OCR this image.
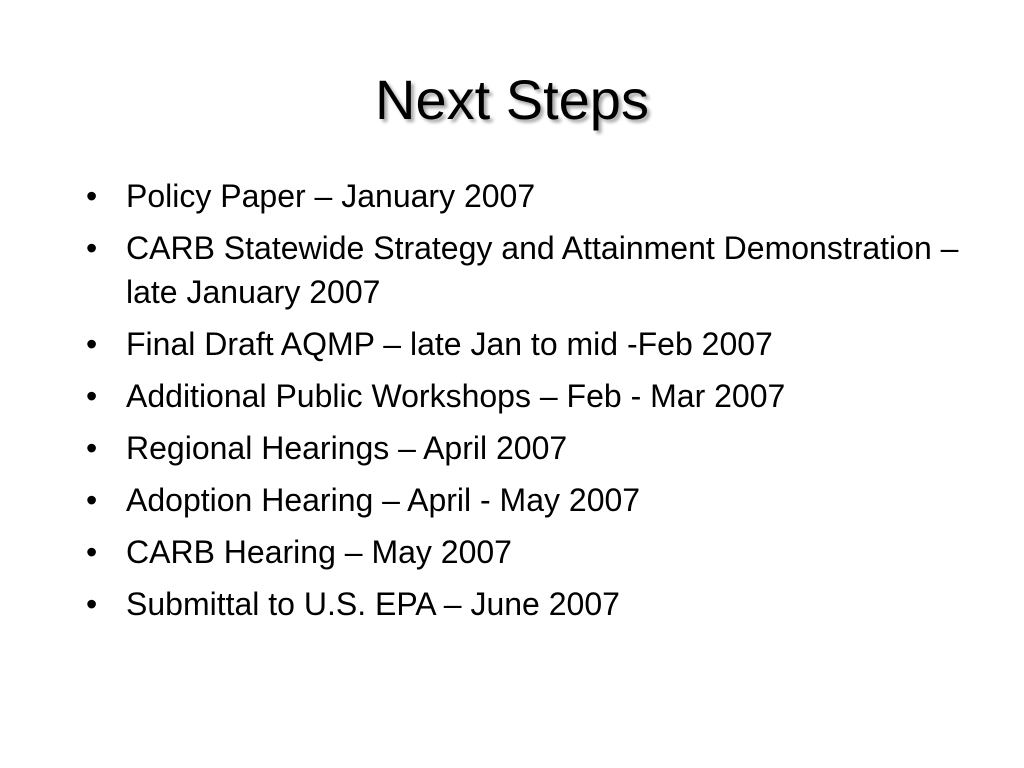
Next Steps
• Policy Paper – January 2007
• CARB Statewide Strategy and Attainment Demonstration – late January 2007
• Final Draft AQMP – late Jan to mid -Feb 2007
• Additional Public Workshops – Feb - Mar 2007
• Regional Hearings – April 2007
• Adoption Hearing – April - May 2007
• CARB Hearing – May 2007
• Submittal to U.S. EPA – June 2007
